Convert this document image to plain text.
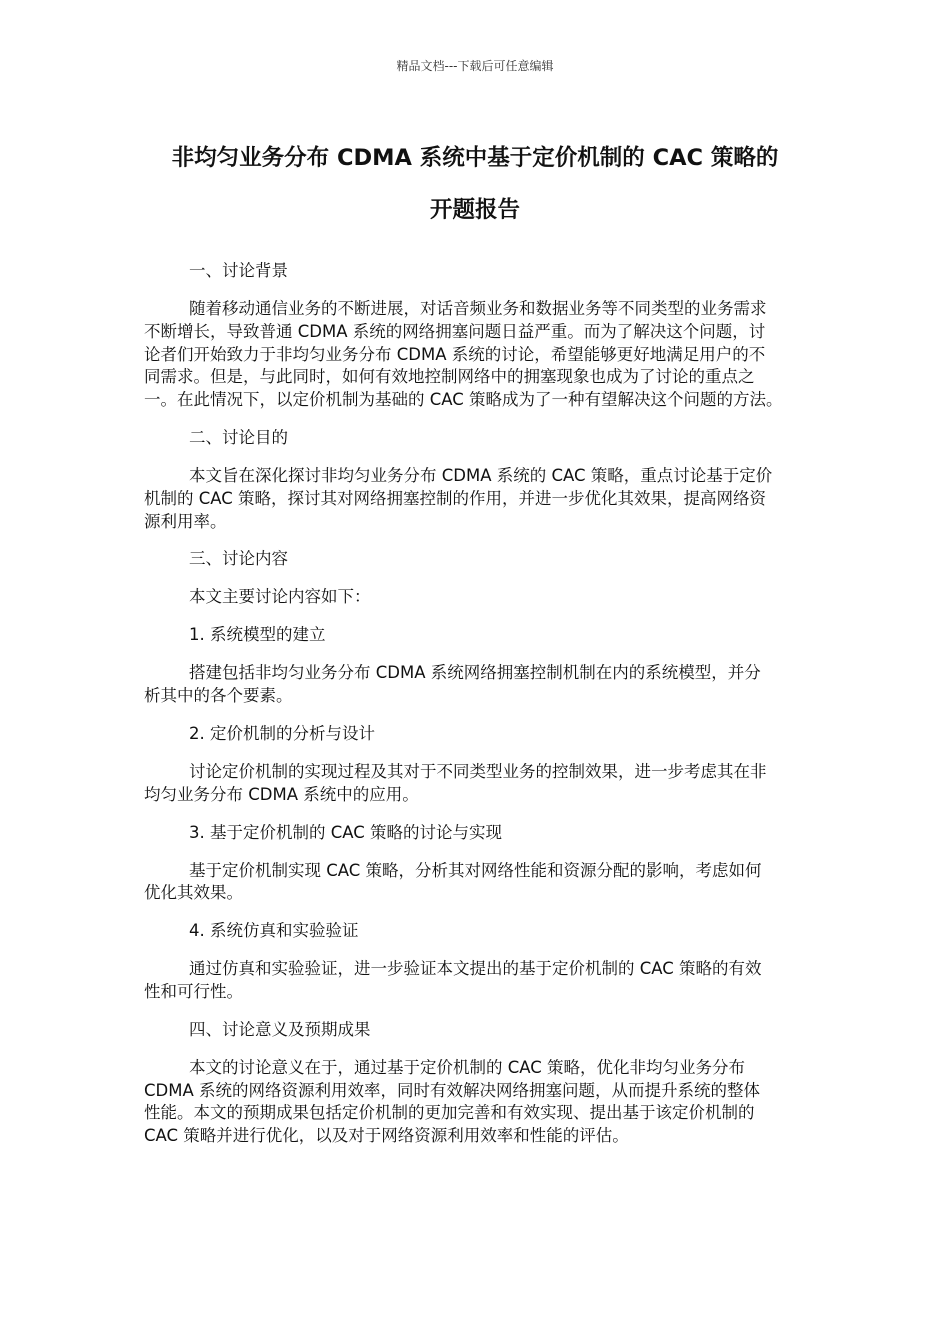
精品文档---下载后可任意编辑
非均匀业务分布 CDMA 系统中基于定价机制的 CAC 策略的
开题报告
一、讨论背景
随着移动通信业务的不断进展，对话音频业务和数据业务等不同类型的业务需求
不断增长，导致普通 CDMA 系统的网络拥塞问题日益严重。而为了解决这个问题，讨
论者们开始致力于非均匀业务分布 CDMA 系统的讨论，希望能够更好地满足用户的不
同需求。但是，与此同时，如何有效地控制网络中的拥塞现象也成为了讨论的重点之
一。在此情况下，以定价机制为基础的 CAC 策略成为了一种有望解决这个问题的方法。
二、讨论目的
本文旨在深化探讨非均匀业务分布 CDMA 系统的 CAC 策略，重点讨论基于定价
机制的 CAC 策略，探讨其对网络拥塞控制的作用，并进一步优化其效果，提高网络资
源利用率。
三、讨论内容
本文主要讨论内容如下：
1. 系统模型的建立
搭建包括非均匀业务分布 CDMA 系统网络拥塞控制机制在内的系统模型，并分
析其中的各个要素。
2. 定价机制的分析与设计
讨论定价机制的实现过程及其对于不同类型业务的控制效果，进一步考虑其在非
均匀业务分布 CDMA 系统中的应用。
3. 基于定价机制的 CAC 策略的讨论与实现
基于定价机制实现 CAC 策略，分析其对网络性能和资源分配的影响，考虑如何
优化其效果。
4. 系统仿真和实验验证
通过仿真和实验验证，进一步验证本文提出的基于定价机制的 CAC 策略的有效
性和可行性。
四、讨论意义及预期成果
本文的讨论意义在于，通过基于定价机制的 CAC 策略，优化非均匀业务分布
CDMA 系统的网络资源利用效率，同时有效解决网络拥塞问题，从而提升系统的整体
性能。本文的预期成果包括定价机制的更加完善和有效实现、提出基于该定价机制的
CAC 策略并进行优化，以及对于网络资源利用效率和性能的评估。
